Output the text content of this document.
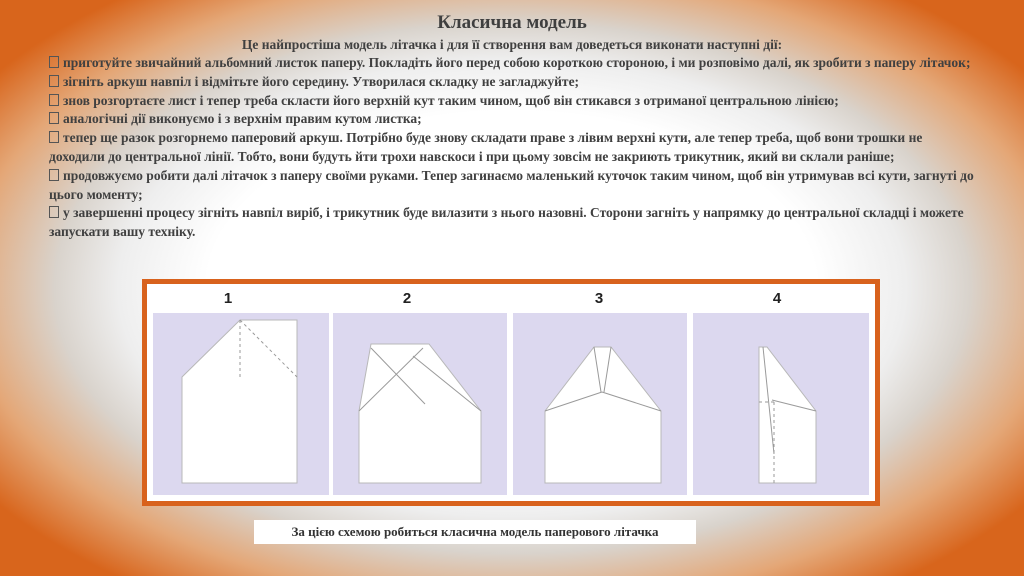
Класична модель
Це найпростіша модель літачка і для її створення вам доведеться виконати наступні дії:
приготуйте звичайний альбомний листок паперу. Покладіть його перед собою короткою стороною, і ми розповімо далі, як зробити з паперу літачок;
зігніть аркуш навпіл і відмітьте його середину. Утворилася складку не загладжуйте;
знов розгортаєте лист і тепер треба скласти його верхній кут таким чином, щоб він стикався з отриманої центральною лінією;
аналогічні дії виконуємо і з верхнім правим кутом листка;
тепер ще разок розгорнемо паперовий аркуш. Потрібно буде знову складати праве з лівим верхні кути, але тепер треба, щоб вони трошки не доходили до центральної лінії. Тобто, вони будуть йти трохи навскоси і при цьому зовсім не закриють трикутник, який ви склали раніше;
продовжуємо робити далі літачок з паперу своїми руками. Тепер загинаємо маленький куточок таким чином, щоб він утримував всі кути, загнуті до цього моменту;
у завершенні процесу зігніть навпіл виріб, і трикутник буде вилазити з нього назовні. Сторони загніть у напрямку до центральної складці і можете запускати вашу техніку.
1	2	3	4
За цією схемою робиться класична модель паперового літачка
